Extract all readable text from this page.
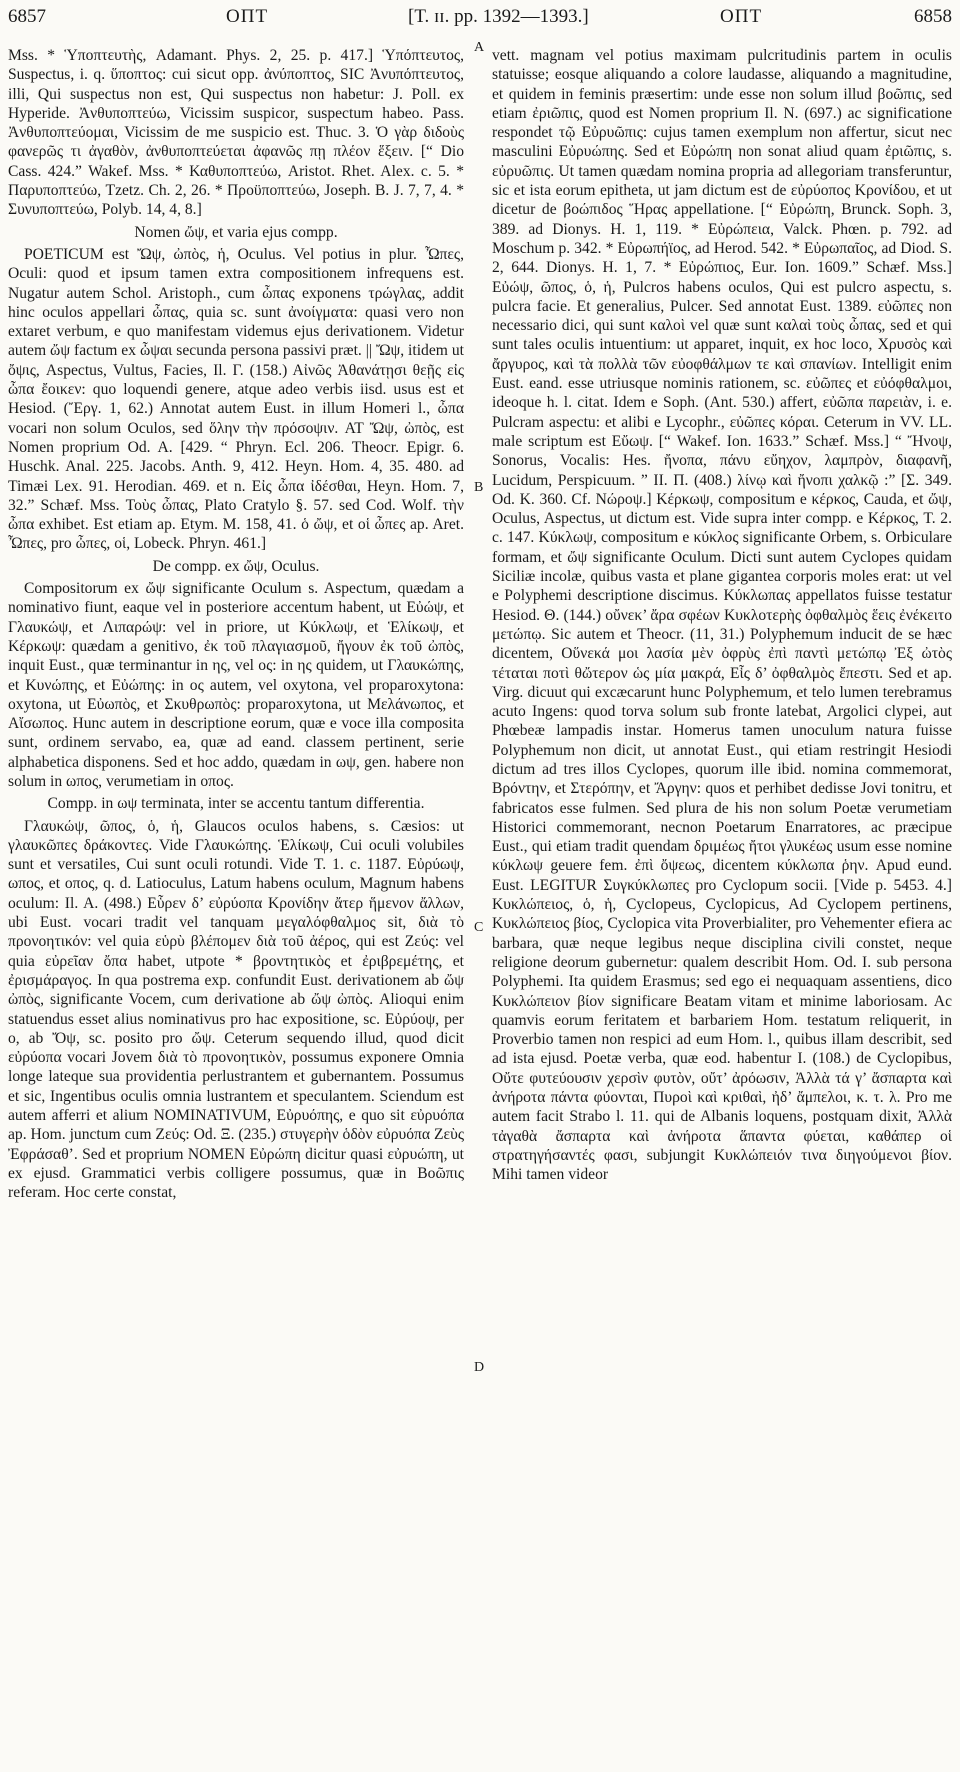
6857	ΟΠΤ	[T. ɪɪ. pp. 1392—1393.]	ΟΠΤ	6858

Mss. * Ὑποπτευτὴς, Adamant. Phys. 2, 25. p. 417.] Ὑπόπτευτος, Suspectus, i. q. ὕποπτος: cui sicut opp. ἀνύποπτος, SIC Ἀνυπόπτευτος, illi, Qui suspectus non est, Qui suspectus non habetur: J. Poll. ex Hyperide. Ἀνθυποπτεύω, Vicissim suspicor, suspectum habeo. Pass. Ἀνθυποπτεύομαι, Vicissim de me suspicio est. Thuc. 3. Ὁ γὰρ διδοὺς φανερῶς τι ἀγαθὸν, ἀνθυποπτεύεται ἀφανῶς πῃ πλέον ἕξειν. [“ Dio Cass. 424.” Wakef. Mss. * Καθυποπτεύω, Aristot. Rhet. Alex. c. 5. * Παρυποπτεύω, Tzetz. Ch. 2, 26. * Προϋποπτεύω, Joseph. B. J. 7, 7, 4. * Συνυποπτεύω, Polyb. 14, 4, 8.]

Nomen ὤψ, et varia ejus compp.

POETICUM est Ὤψ, ὠπὸς, ἡ, Oculus. Vel potius in plur. Ὦπες, Oculi: quod et ipsum tamen extra compositionem infrequens est. Nugatur autem Schol. Aristoph., cum ὦπας exponens τρώγλας, addit hinc oculos appellari ὦπας, quia sc. sunt ἀνοίγματα: quasi vero non extaret verbum, e quo manifestam videmus ejus derivationem. Videtur autem ὤψ factum ex ὦψαι secunda persona passivi præt. || Ὤψ, itidem ut ὄψις, Aspectus, Vultus, Facies, Il. Γ. (158.) Αἰνῶς Ἀθανάτῃσι θεῇς εἰς ὦπα ἔοικεν: quo loquendi genere, atque adeo verbis iisd. usus est et Hesiod. (Ἔργ. 1, 62.) Annotat autem Eust. in illum Homeri l., ὦπα vocari non solum Oculos, sed ὅλην τὴν πρόσοψιν. AT Ὤψ, ὠπὸς, est Nomen proprium Od. A. [429. “ Phryn. Ecl. 206. Theocr. Epigr. 6. Huschk. Anal. 225. Jacobs. Anth. 9, 412. Heyn. Hom. 4, 35. 480. ad Timæi Lex. 91. Herodian. 469. et n. Εἰς ὦπα ἰδέσθαι, Heyn. Hom. 7, 32.” Schæf. Mss. Τοὺς ὦπας, Plato Cratylo §. 57. sed Cod. Wolf. τὴν ὦπα exhibet. Est etiam ap. Etym. M. 158, 41. ὁ ὤψ, et οἱ ὦπες ap. Aret. Ὦπες, pro ὦπες, οἱ, Lobeck. Phryn. 461.]

De compp. ex ὤψ, Oculus.

Compositorum ex ὤψ significante Oculum s. Aspectum, quædam a nominativo fiunt, eaque vel in posteriore accentum habent, ut Εὐώψ, et Γλαυκώψ, et Λιπαρώψ: vel in priore, ut Κύκλωψ, et Ἑλίκωψ, et Κέρκωψ: quædam a genitivo, ἐκ τοῦ πλαγιασμοῦ, ἤγουν ἐκ τοῦ ὠπὸς, inquit Eust., quæ terminantur in ης, vel ος: in ης quidem, ut Γλαυκώπης, et Κυνώπης, et Εὐώπης: in ος autem, vel oxytona, vel proparoxytona: oxytona, ut Εὐωπὸς, et Σκυθρωπὸς: proparoxytona, ut Μελάνωπος, et Αἴσωπος. Hunc autem in descriptione eorum, quæ e voce illa composita sunt, ordinem servabo, ea, quæ ad eand. classem pertinent, serie alphabetica disponens. Sed et hoc addo, quædam in ωψ, gen. habere non solum in ωπος, verumetiam in οπος.

Compp. in ωψ terminata, inter se accentu tantum differentia.

Γλαυκώψ, ῶπος, ὁ, ἡ, Glaucos oculos habens, s. Cæsios: ut γλαυκῶπες δράκοντες. Vide Γλαυκώπης. Ἑλίκωψ, Cui oculi volubiles sunt et versatiles, Cui sunt oculi rotundi. Vide T. 1. c. 1187. Εὐρύωψ, ωπος, et οπος, q. d. Latioculus, Latum habens oculum, Magnum habens oculum: Il. A. (498.) Εὗρεν δ’ εὐρύοπα Κρονίδην ἄτερ ἥμενον ἄλλων, ubi Eust. vocari tradit vel tanquam μεγαλόφθαλμος sit, διὰ τὸ προνοητικόν: vel quia εὑρὺ βλέπομεν διὰ τοῦ ἀέρος, qui est Ζεύς: vel quia εὐρεῖαν ὄπα habet, utpote * βροντητικὸς et ἐριβρεμέτης, et ἐρισμάραγος. In qua postrema exp. confundit Eust. derivationem ab ὤψ ὠπὸς, significante Vocem, cum derivatione ab ὤψ ὠπὸς. Alioqui enim statuendus esset alius nominativus pro hac expositione, sc. Εὐρύοψ, per o, ab Ὄψ, sc. posito pro ὤψ. Ceterum sequendo illud, quod dicit εὐρύοπα vocari Jovem διὰ τὸ προνοητικὸν, possumus exponere Omnia longe lateque sua providentia perlustrantem et gubernantem. Possumus et sic, Ingentibus oculis omnia lustrantem et speculantem. Sciendum est autem afferri et alium NOMINATIVUM, Εὐρυόπης, e quo sit εὐρυόπα ap. Hom. junctum cum Ζεύς: Od. Ξ. (235.) στυγερὴν ὁδὸν εὐρυόπα Ζεὺς Ἐφράσαθ’. Sed et proprium NOMEN Εὐρώπη dicitur quasi εὐρυώπη, ut ex ejusd. Grammatici verbis colligere possumus, quæ in Βοῶπις referam. Hoc certe constat,

A
B
C
D

vett. magnam vel potius maximam pulcritudinis partem in oculis statuisse; eosque aliquando a colore laudasse, aliquando a magnitudine, et quidem in feminis præsertim: unde esse non solum illud βοῶπις, sed etiam ἐριῶπις, quod est Nomen proprium Il. N. (697.) ac significatione respondet τῷ Εὐρυῶπις: cujus tamen exemplum non affertur, sicut nec masculini Εὐρυώπης. Sed et Εὐρώπη non sonat aliud quam ἐριῶπις, s. εὐρυῶπις. Ut tamen quædam nomina propria ad allegoriam transferuntur, sic et ista eorum epitheta, ut jam dictum est de εὐρύοπος Κρονίδου, et ut dicetur de βοώπιδος Ἥρας appellatione. [“ Εὐρώπη, Brunck. Soph. 3, 389. ad Dionys. H. 1, 119. * Εὐρώπεια, Valck. Phœn. p. 792. ad Moschum p. 342. * Εὐρωπήϊος, ad Herod. 542. * Εὐρωπαῖος, ad Diod. S. 2, 644. Dionys. H. 1, 7. * Εὐρώπιος, Eur. Ion. 1609.” Schæf. Mss.] Εὐώψ, ῶπος, ὁ, ἡ, Pulcros habens oculos, Qui est pulcro aspectu, s. pulcra facie. Et generalius, Pulcer. Sed annotat Eust. 1389. εὐῶπες non necessario dici, qui sunt καλοὶ vel quæ sunt καλαὶ τοὺς ὦπας, sed et qui sunt tales oculis intuentium: ut apparet, inquit, ex hoc loco, Χρυσὸς καὶ ἄργυρος, καὶ τὰ πολλὰ τῶν εὐοφθάλμων τε καὶ σπανίων. Intelligit enim Eust. eand. esse utriusque nominis rationem, sc. εὐῶπες et εὐόφθαλμοι, ideoque h. l. citat. Idem e Soph. (Ant. 530.) affert, εὐῶπα παρειὰν, i. e. Pulcram aspectu: et alibi e Lycophr., εὐῶπες κόραι. Ceterum in VV. LL. male scriptum est Εὔωψ. [“ Wakef. Ion. 1633.” Schæf. Mss.] “ Ἤνοψ, Sonorus, Vocalis: Hes. ἤνοπα, πάνυ εὔηχον, λαμπρὸν, διαφανῆ, Lucidum, Perspicuum. ” II. Π. (408.) λίνῳ καὶ ἤνοπι χαλκῷ :” [Σ. 349. Od. K. 360. Cf. Νώροψ.] Κέρκωψ, compositum e κέρκος, Cauda, et ὤψ, Oculus, Aspectus, ut dictum est. Vide supra inter compp. e Κέρκος, T. 2. c. 147. Κύκλωψ, compositum e κύκλος significante Orbem, s. Orbiculare formam, et ὤψ significante Oculum. Dicti sunt autem Cyclopes quidam Siciliæ incolæ, quibus vasta et plane gigantea corporis moles erat: ut vel e Polyphemi descriptione discimus. Κύκλωπας appellatos fuisse testatur Hesiod. Θ. (144.) οὔνεκ’ ἄρα σφέων Κυκλοτερὴς ὀφθαλμὸς ἕεις ἐνέκειτο μετώπῳ. Sic autem et Theocr. (11, 31.) Polyphemum inducit de se hæc dicentem, Οὕνεκά μοι λασία μὲν ὀφρὺς ἐπὶ παντὶ μετώπῳ Ἐξ ὠτὸς τέταται ποτὶ θὤτερον ὡς μία μακρά, Εἷς δ’ ὀφθαλμὸς ἔπεστι. Sed et ap. Virg. dicuut qui excæcarunt hunc Polyphemum, et telo lumen terebramus acuto Ingens: quod torva solum sub fronte latebat, Argolici clypei, aut Phœbeæ lampadis instar. Homerus tamen unoculum natura fuisse Polyphemum non dicit, ut annotat Eust., qui etiam restringit Hesiodi dictum ad tres illos Cyclopes, quorum ille ibid. nomina commemorat, Βρόντην, et Στερόπην, et Ἄργην: quos et perhibet dedisse Jovi tonitru, et fabricatos esse fulmen. Sed plura de his non solum Poetæ verumetiam Historici commemorant, necnon Poetarum Enarratores, ac præcipue Eust., qui etiam tradit quendam δριμέως ἤτοι γλυκέως usum esse nomine κύκλωψ geuere fem. ἐπὶ ὄψεως, dicentem κύκλωπα ῥην. Apud eund. Eust. LEGITUR Συγκύκλωπες pro Cyclopum socii. [Vide p. 5453. 4.] Κυκλώπειος, ὁ, ἡ, Cyclopeus, Cyclopicus, Ad Cyclopem pertinens, Κυκλώπειος βίος, Cyclopica vita Proverbialiter, pro Vehementer efiera ac barbara, quæ neque legibus neque disciplina civili constet, neque religione deorum gubernetur: qualem describit Hom. Od. I. sub persona Polyphemi. Ita quidem Erasmus; sed ego ei nequaquam assentiens, dico Κυκλώπειον βίον significare Beatam vitam et minime laboriosam. Ac quamvis eorum feritatem et barbariem Hom. testatum reliquerit, in Proverbio tamen non respici ad eum Hom. l., quibus illam describit, sed ad ista ejusd. Poetæ verba, quæ eod. habentur I. (108.) de Cyclopibus, Οὔτε φυτεύουσιν χερσὶν φυτὸν, οὔτ’ ἀρόωσιν, Ἀλλὰ τά γ’ ἄσπαρτα καὶ ἀνήροτα πάντα φύονται, Πυροὶ καὶ κριθαὶ, ἠδ’ ἄμπελοι, κ. τ. λ. Pro me autem facit Strabo l. 11. qui de Albanis loquens, postquam dixit, Ἀλλὰ τἀγαθὰ ἄσπαρτα καὶ ἀνήροτα ἅπαντα φύεται, καθάπερ οἱ στρατηγήσαντές φασι, subjungit Κυκλώπειόν τινα διηγούμενοι βίον. Mihi tamen videor
